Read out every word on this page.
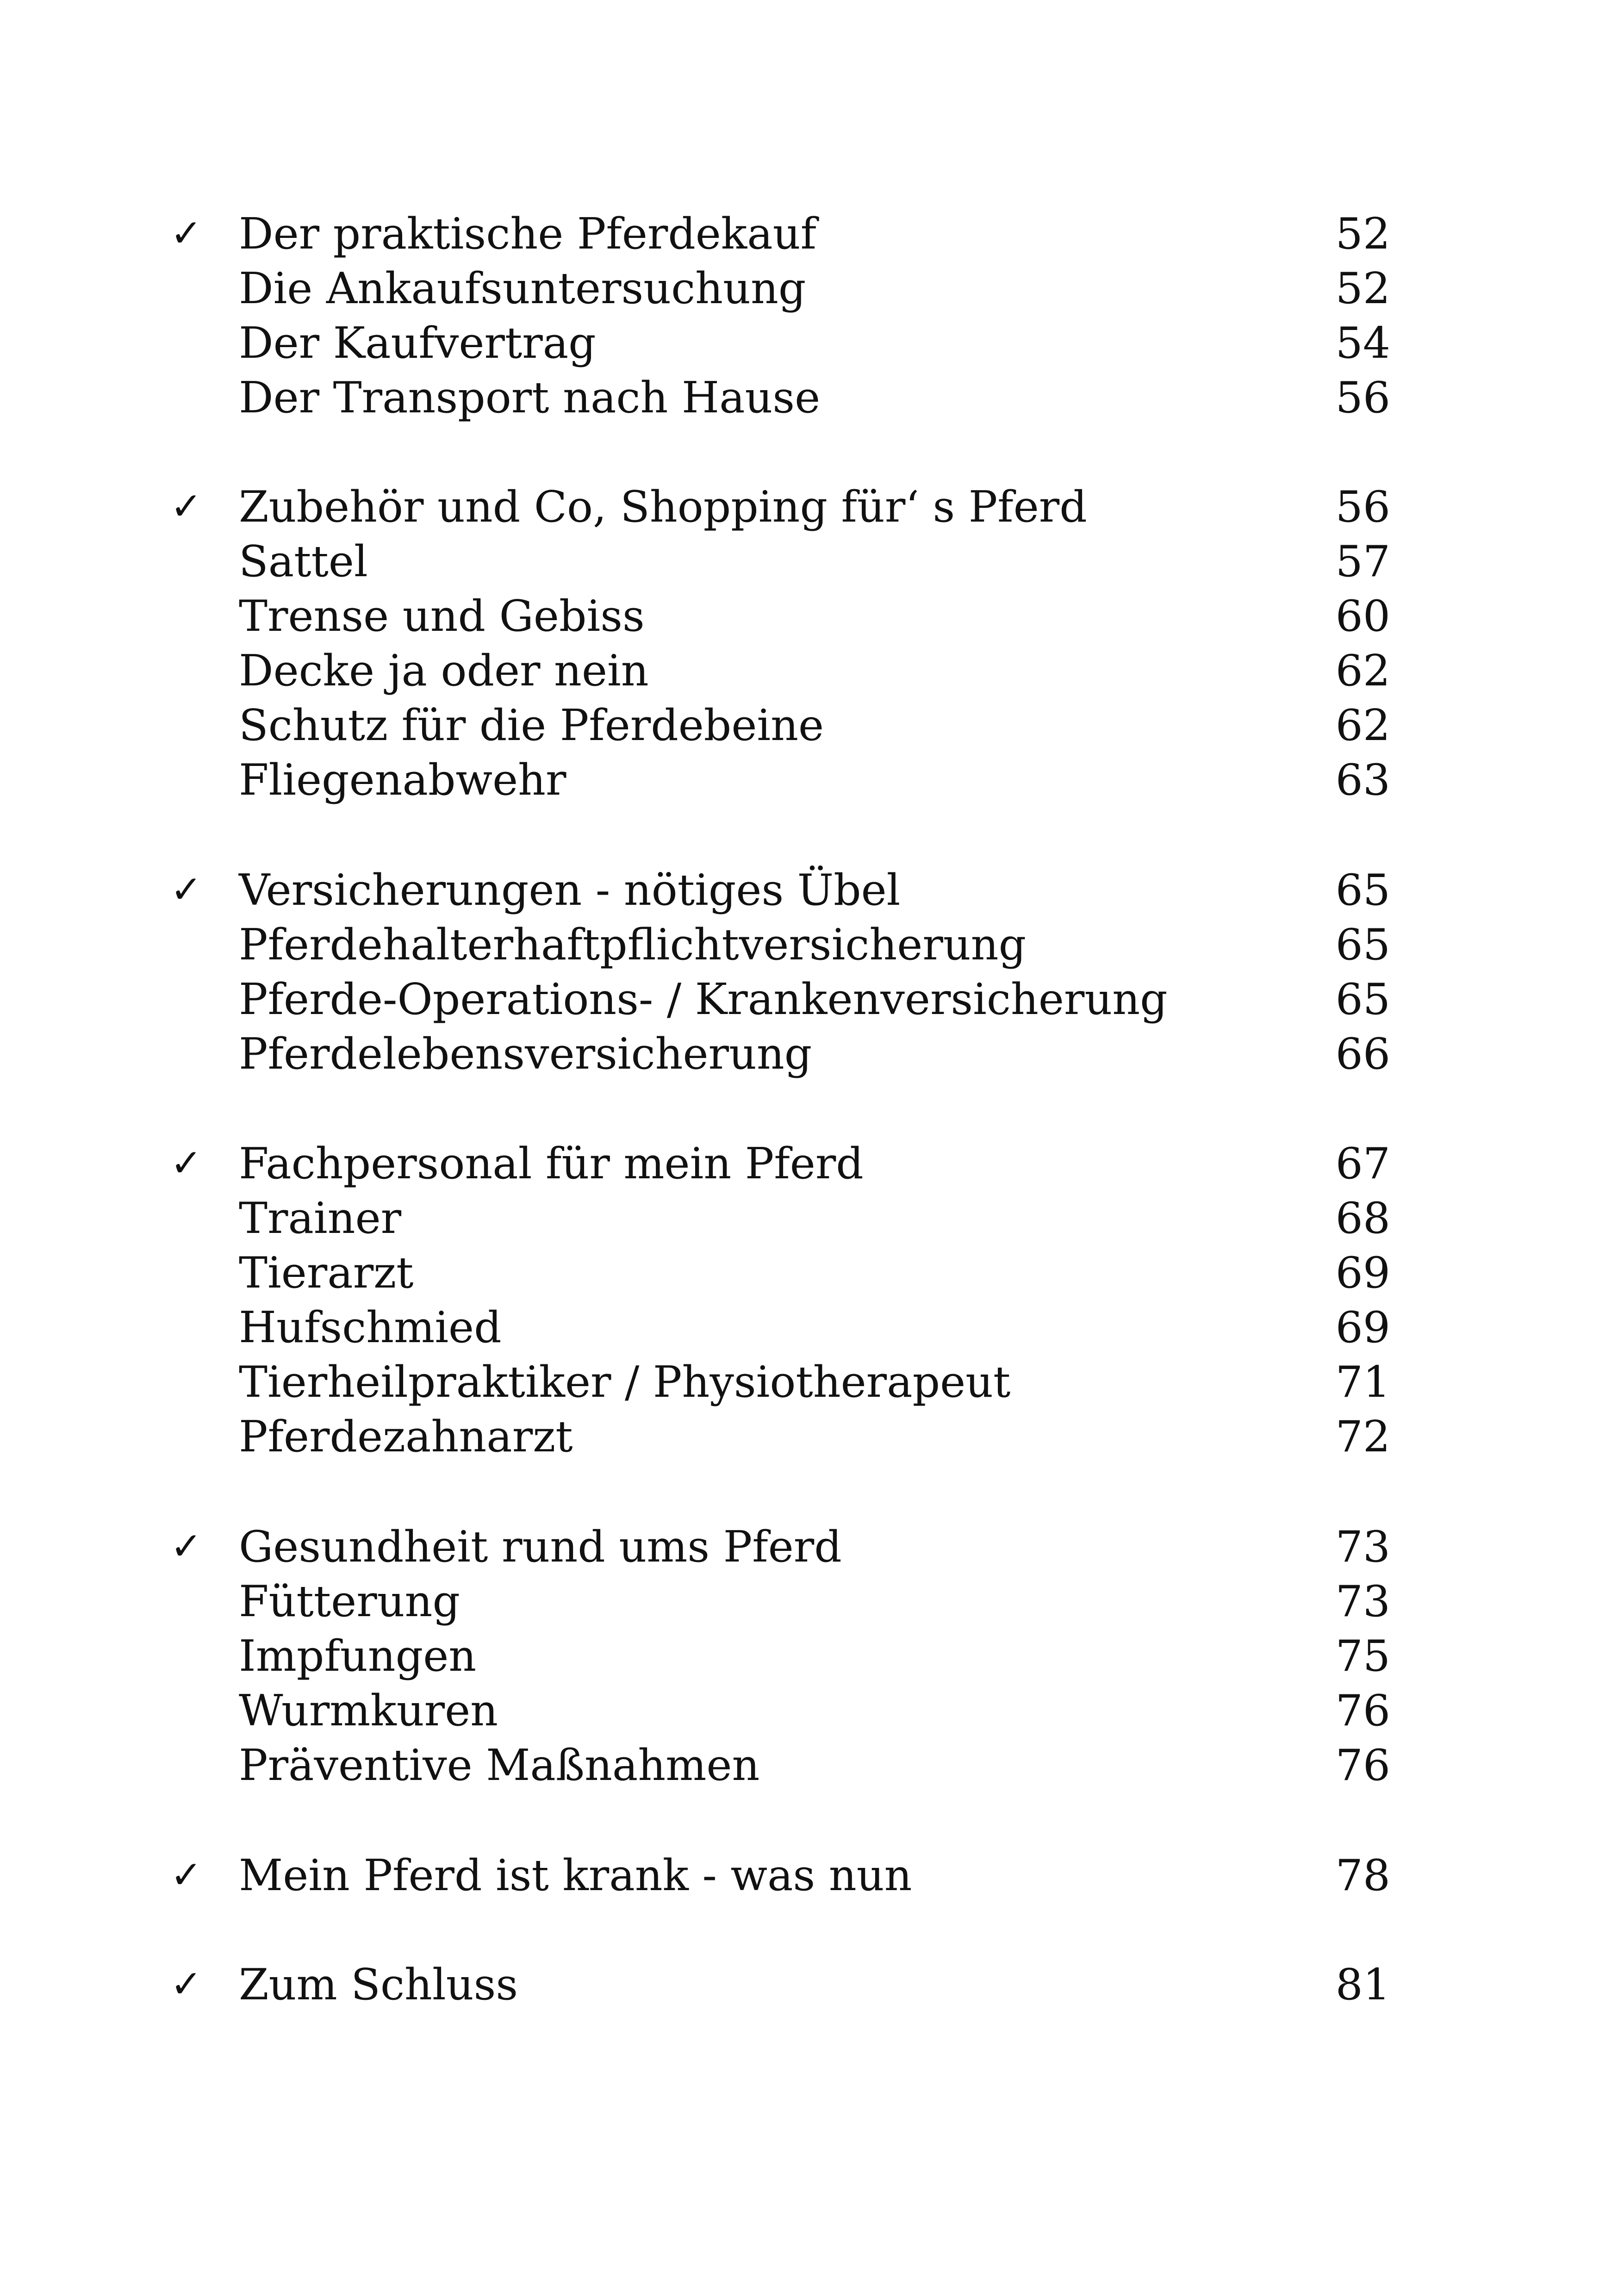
✓ Der praktische Pferdekauf	52
Die Ankaufsuntersuchung	52
Der Kaufvertrag	54
Der Transport nach Hause	56
✓ Zubehör und Co, Shopping für‘ s Pferd	56
Sattel	57
Trense und Gebiss	60
Decke ja oder nein	62
Schutz für die Pferdebeine	62
Fliegenabwehr	63
✓ Versicherungen - nötiges Übel	65
Pferdehalterhaftpflichtversicherung	65
Pferde-Operations- / Krankenversicherung	65
Pferdelebensversicherung	66
✓ Fachpersonal für mein Pferd	67
Trainer	68
Tierarzt	69
Hufschmied	69
Tierheilpraktiker / Physiotherapeut	71
Pferdezahnarzt	72
✓ Gesundheit rund ums Pferd	73
Fütterung	73
Impfungen	75
Wurmkuren	76
Präventive Maßnahmen	76
✓ Mein Pferd ist krank - was nun	78
✓ Zum Schluss	81
